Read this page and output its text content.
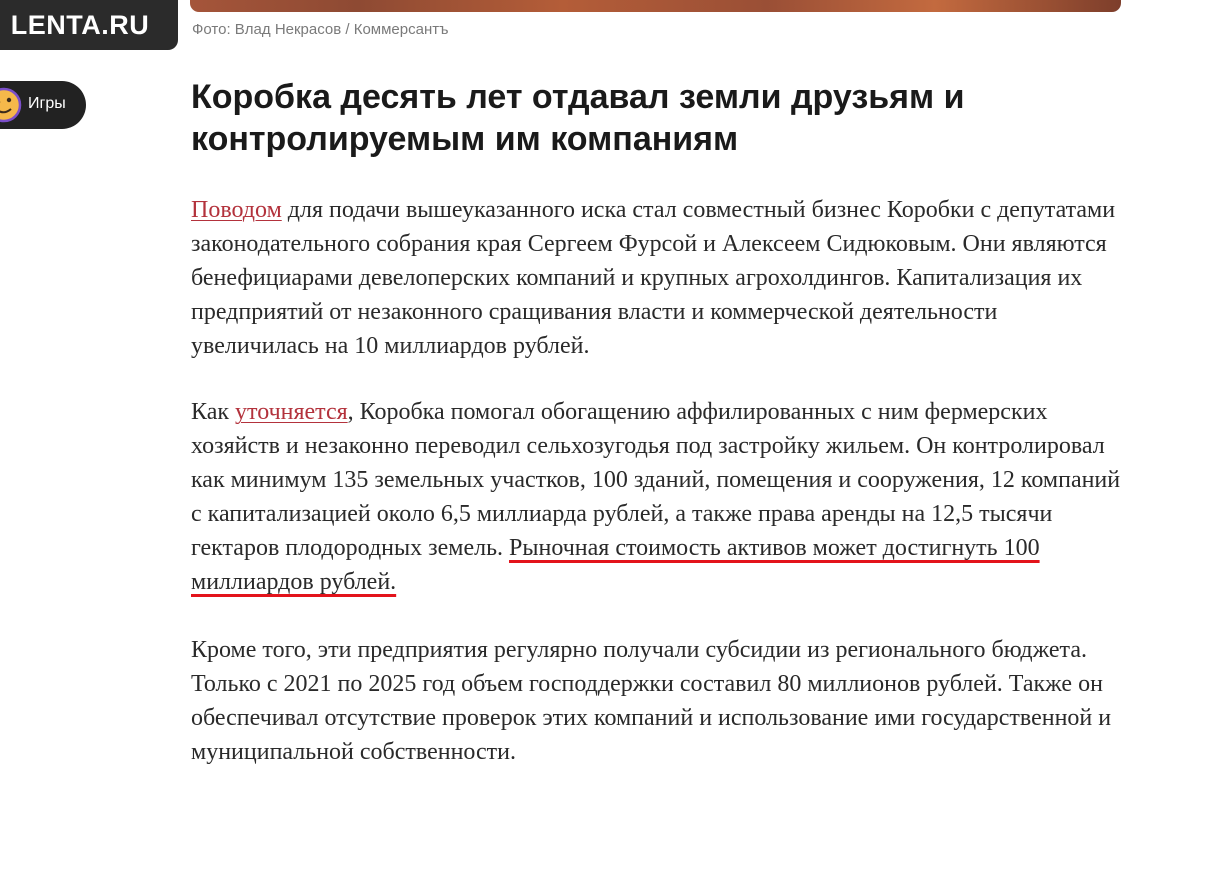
LENTA.RU
Игры
Фото: Влад Некрасов / Коммерсантъ
Коробка десять лет отдавал земли друзьям и контролируемым им компаниям

Поводом для подачи вышеуказанного иска стал совместный бизнес Коробки с депутатами законодательного собрания края Сергеем Фурсой и Алексеем Сидюковым. Они являются бенефициарами девелоперских компаний и крупных агрохолдингов. Капитализация их предприятий от незаконного сращивания власти и коммерческой деятельности увеличилась на 10 миллиардов рублей.

Как уточняется, Коробка помогал обогащению аффилированных с ним фермерских хозяйств и незаконно переводил сельхозугодья под застройку жильем. Он контролировал как минимум 135 земельных участков, 100 зданий, помещения и сооружения, 12 компаний с капитализацией около 6,5 миллиарда рублей, а также права аренды на 12,5 тысячи гектаров плодородных земель. Рыночная стоимость активов может достигнуть 100 миллиардов рублей.

Кроме того, эти предприятия регулярно получали субсидии из регионального бюджета. Только с 2021 по 2025 год объем господдержки составил 80 миллионов рублей. Также он обеспечивал отсутствие проверок этих компаний и использование ими государственной и муниципальной собственности.
